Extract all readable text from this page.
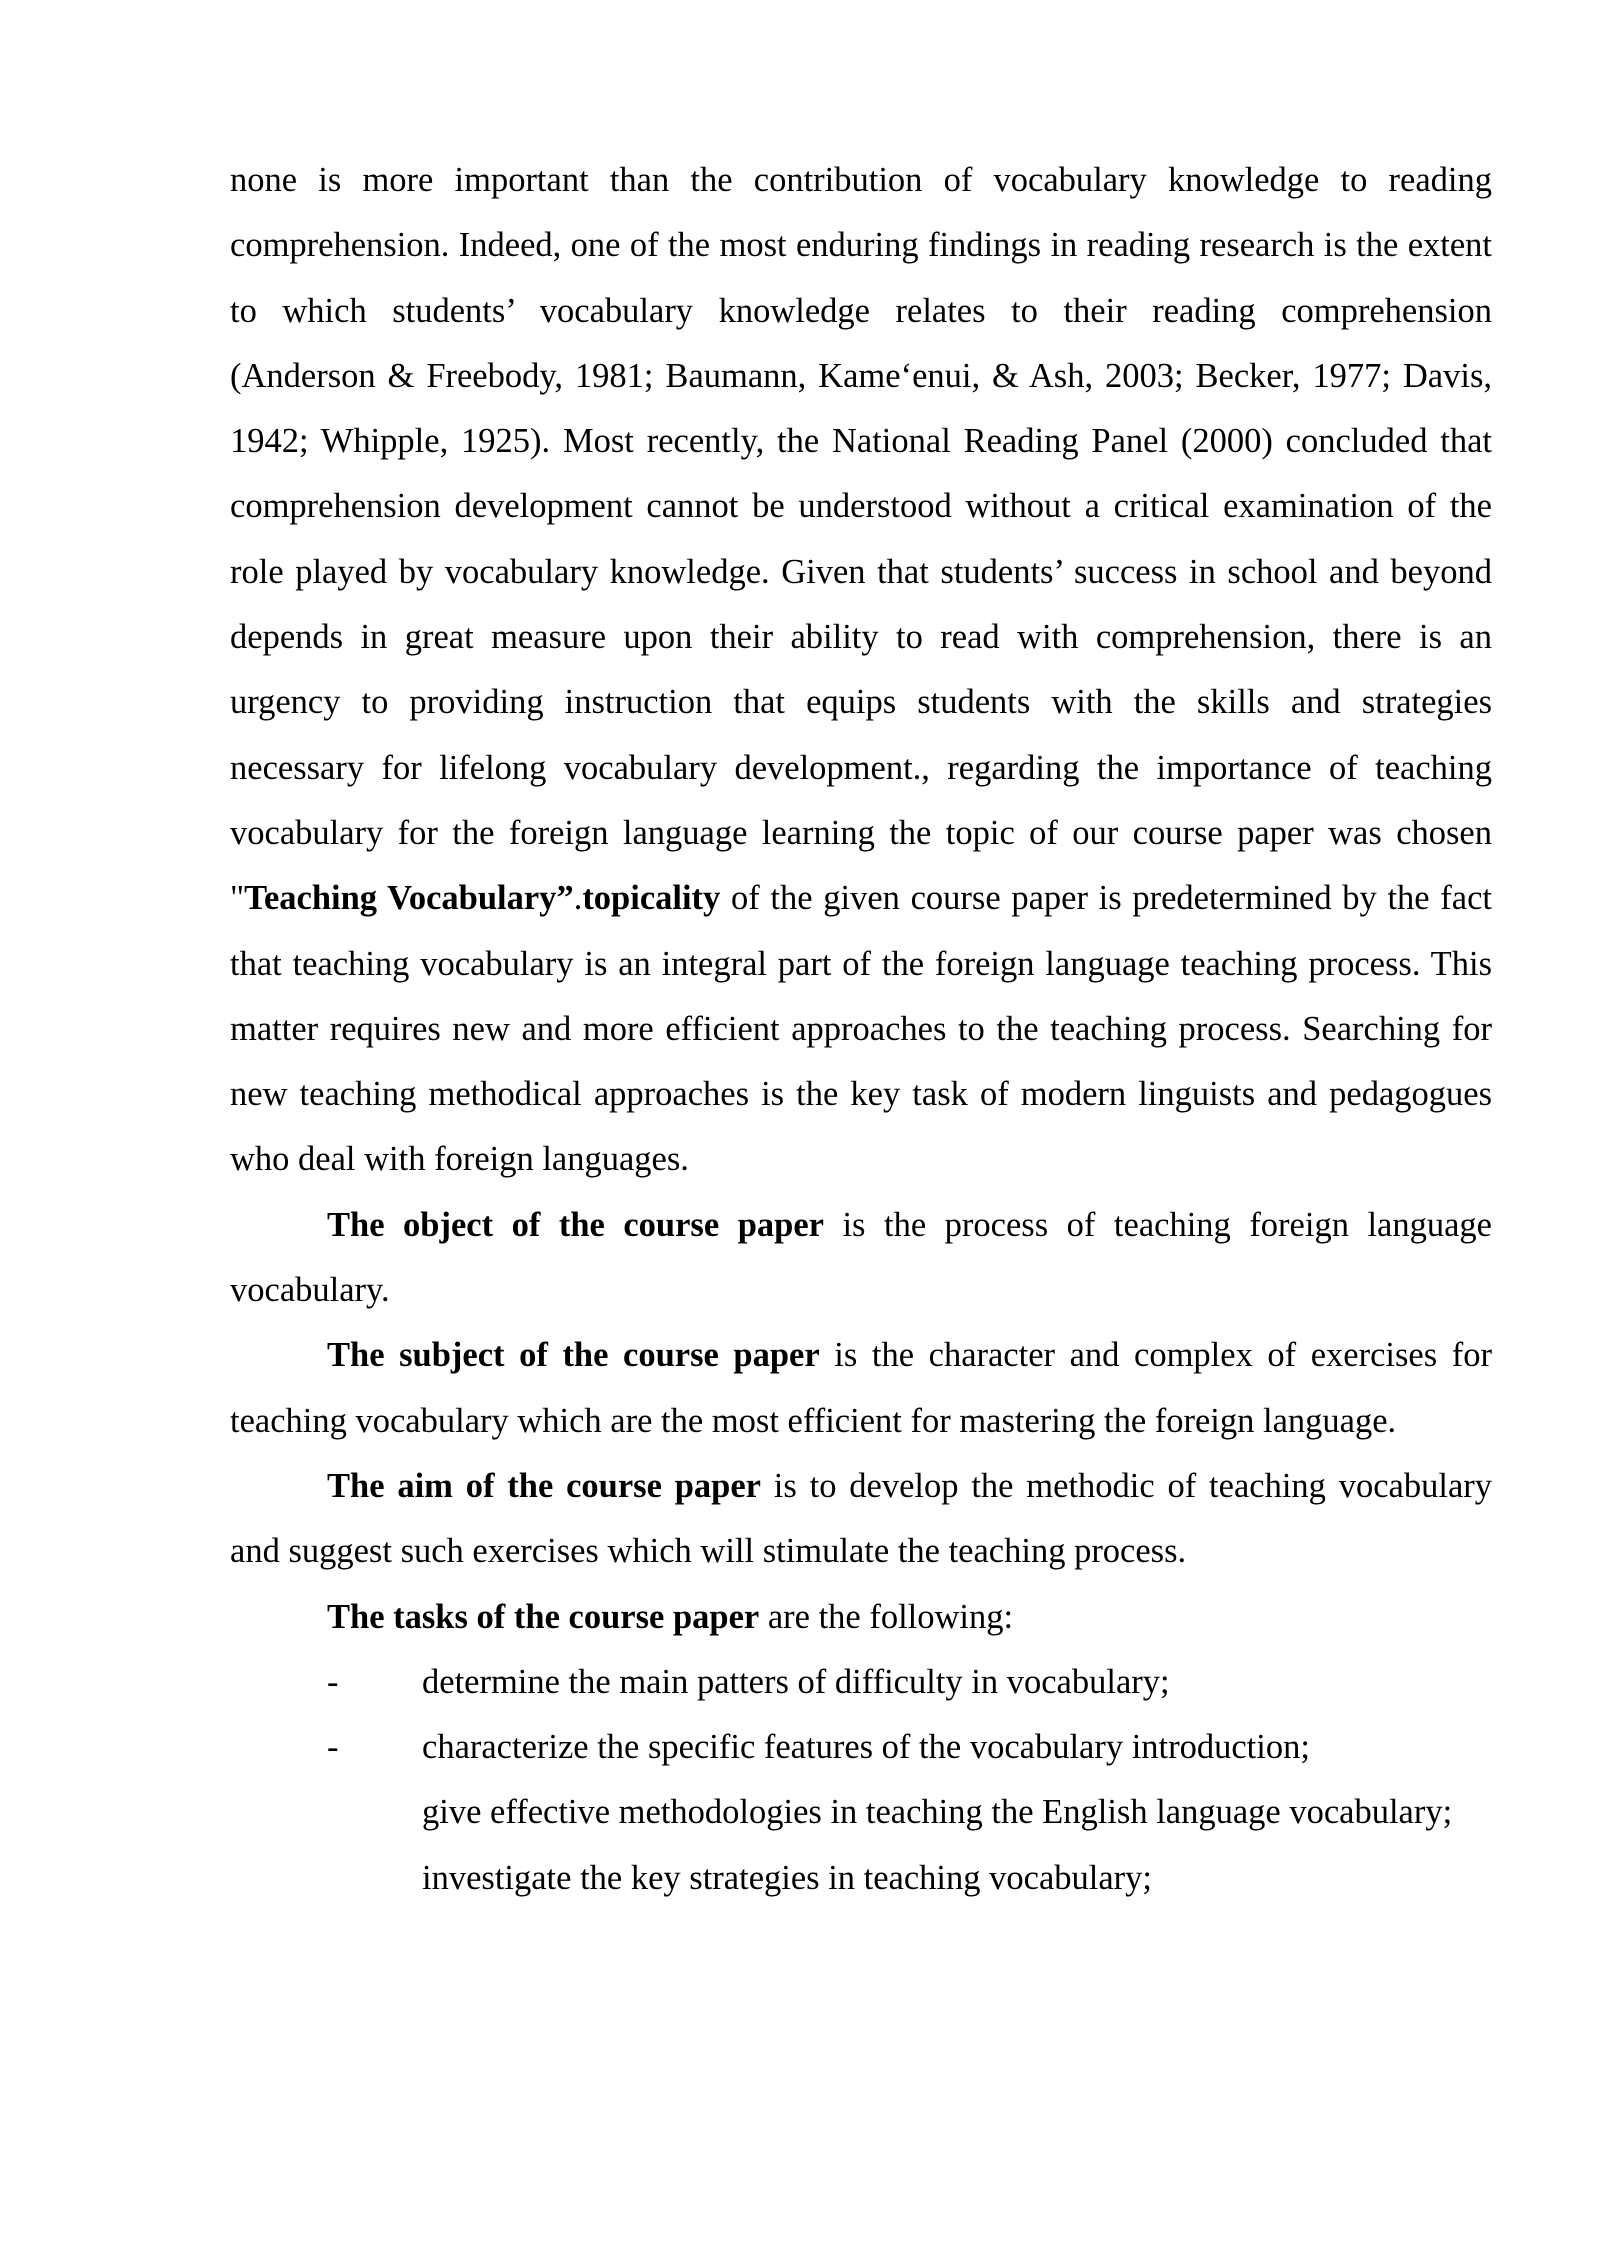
none is more important than the contribution of vocabulary knowledge to reading comprehension. Indeed, one of the most enduring findings in reading research is the extent to which students’ vocabulary knowledge relates to their reading comprehension (Anderson & Freebody, 1981; Baumann, Kame‘enui, & Ash, 2003; Becker, 1977; Davis, 1942; Whipple, 1925). Most recently, the National Reading Panel (2000) concluded that comprehension development cannot be understood without a critical examination of the role played by vocabulary knowledge. Given that students’ success in school and beyond depends in great measure upon their ability to read with comprehension, there is an urgency to providing instruction that equips students with the skills and strategies necessary for lifelong vocabulary development., regarding the importance of teaching vocabulary for the foreign language learning the topic of our course paper was chosen "Teaching Vocabulary”.topicality of the given course paper is predetermined by the fact that teaching vocabulary is an integral part of the foreign language teaching process. This matter requires new and more efficient approaches to the teaching process. Searching for new teaching methodical approaches is the key task of modern linguists and pedagogues who deal with foreign languages.

The object of the course paper is the process of teaching foreign language vocabulary.

The subject of the course paper is the character and complex of exercises for teaching vocabulary which are the most efficient for mastering the foreign language.

The aim of the course paper is to develop the methodic of teaching vocabulary and suggest such exercises which will stimulate the teaching process.

The tasks of the course paper are the following:

- determine the main patters of difficulty in vocabulary;

- characterize the specific features of the vocabulary introduction;

give effective methodologies in teaching the English language vocabulary;

investigate the key strategies in teaching vocabulary;
